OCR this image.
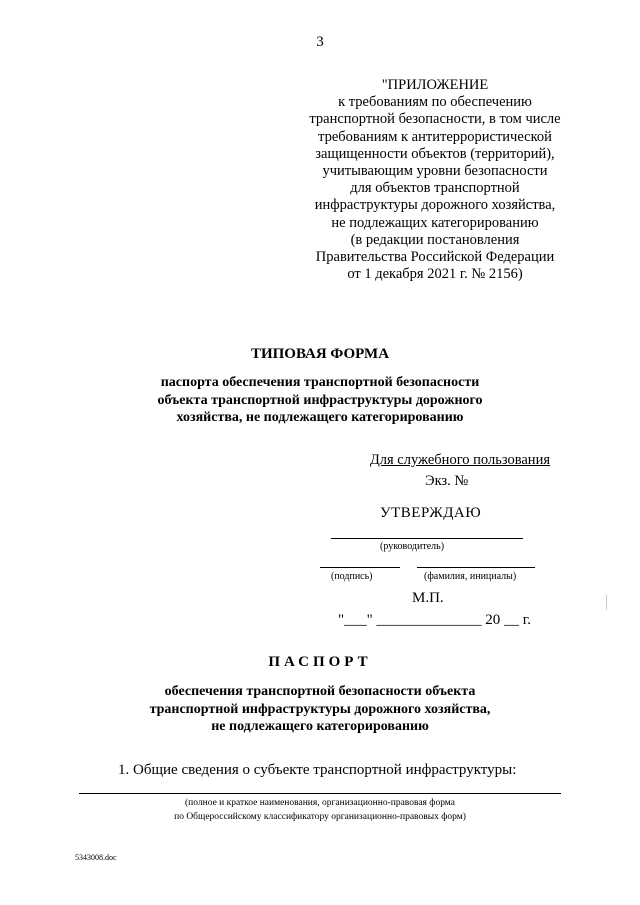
3
"ПРИЛОЖЕНИЕ
к требованиям по обеспечению
транспортной безопасности, в том числе
требованиям к антитеррористической
защищенности объектов (территорий),
учитывающим уровни безопасности
для объектов транспортной
инфраструктуры дорожного хозяйства,
не подлежащих категорированию
(в редакции постановления
Правительства Российской Федерации
от 1 декабря 2021 г. № 2156)
ТИПОВАЯ ФОРМА
паспорта обеспечения транспортной безопасности
объекта транспортной инфраструктуры дорожного
хозяйства, не подлежащего категорированию
Для служебного пользования
Экз. №
УТВЕРЖДАЮ
(руководитель)
(подпись)	(фамилия, инициалы)
М.П.
"___" ______________ 20 __ г.
ПАСПОРТ
обеспечения транспортной безопасности объекта
транспортной инфраструктуры дорожного хозяйства,
не подлежащего категорированию
1. Общие сведения о субъекте транспортной инфраструктуры:
(полное и краткое наименования, организационно-правовая форма
по Общероссийскому классификатору организационно-правовых форм)
5343008.doc
